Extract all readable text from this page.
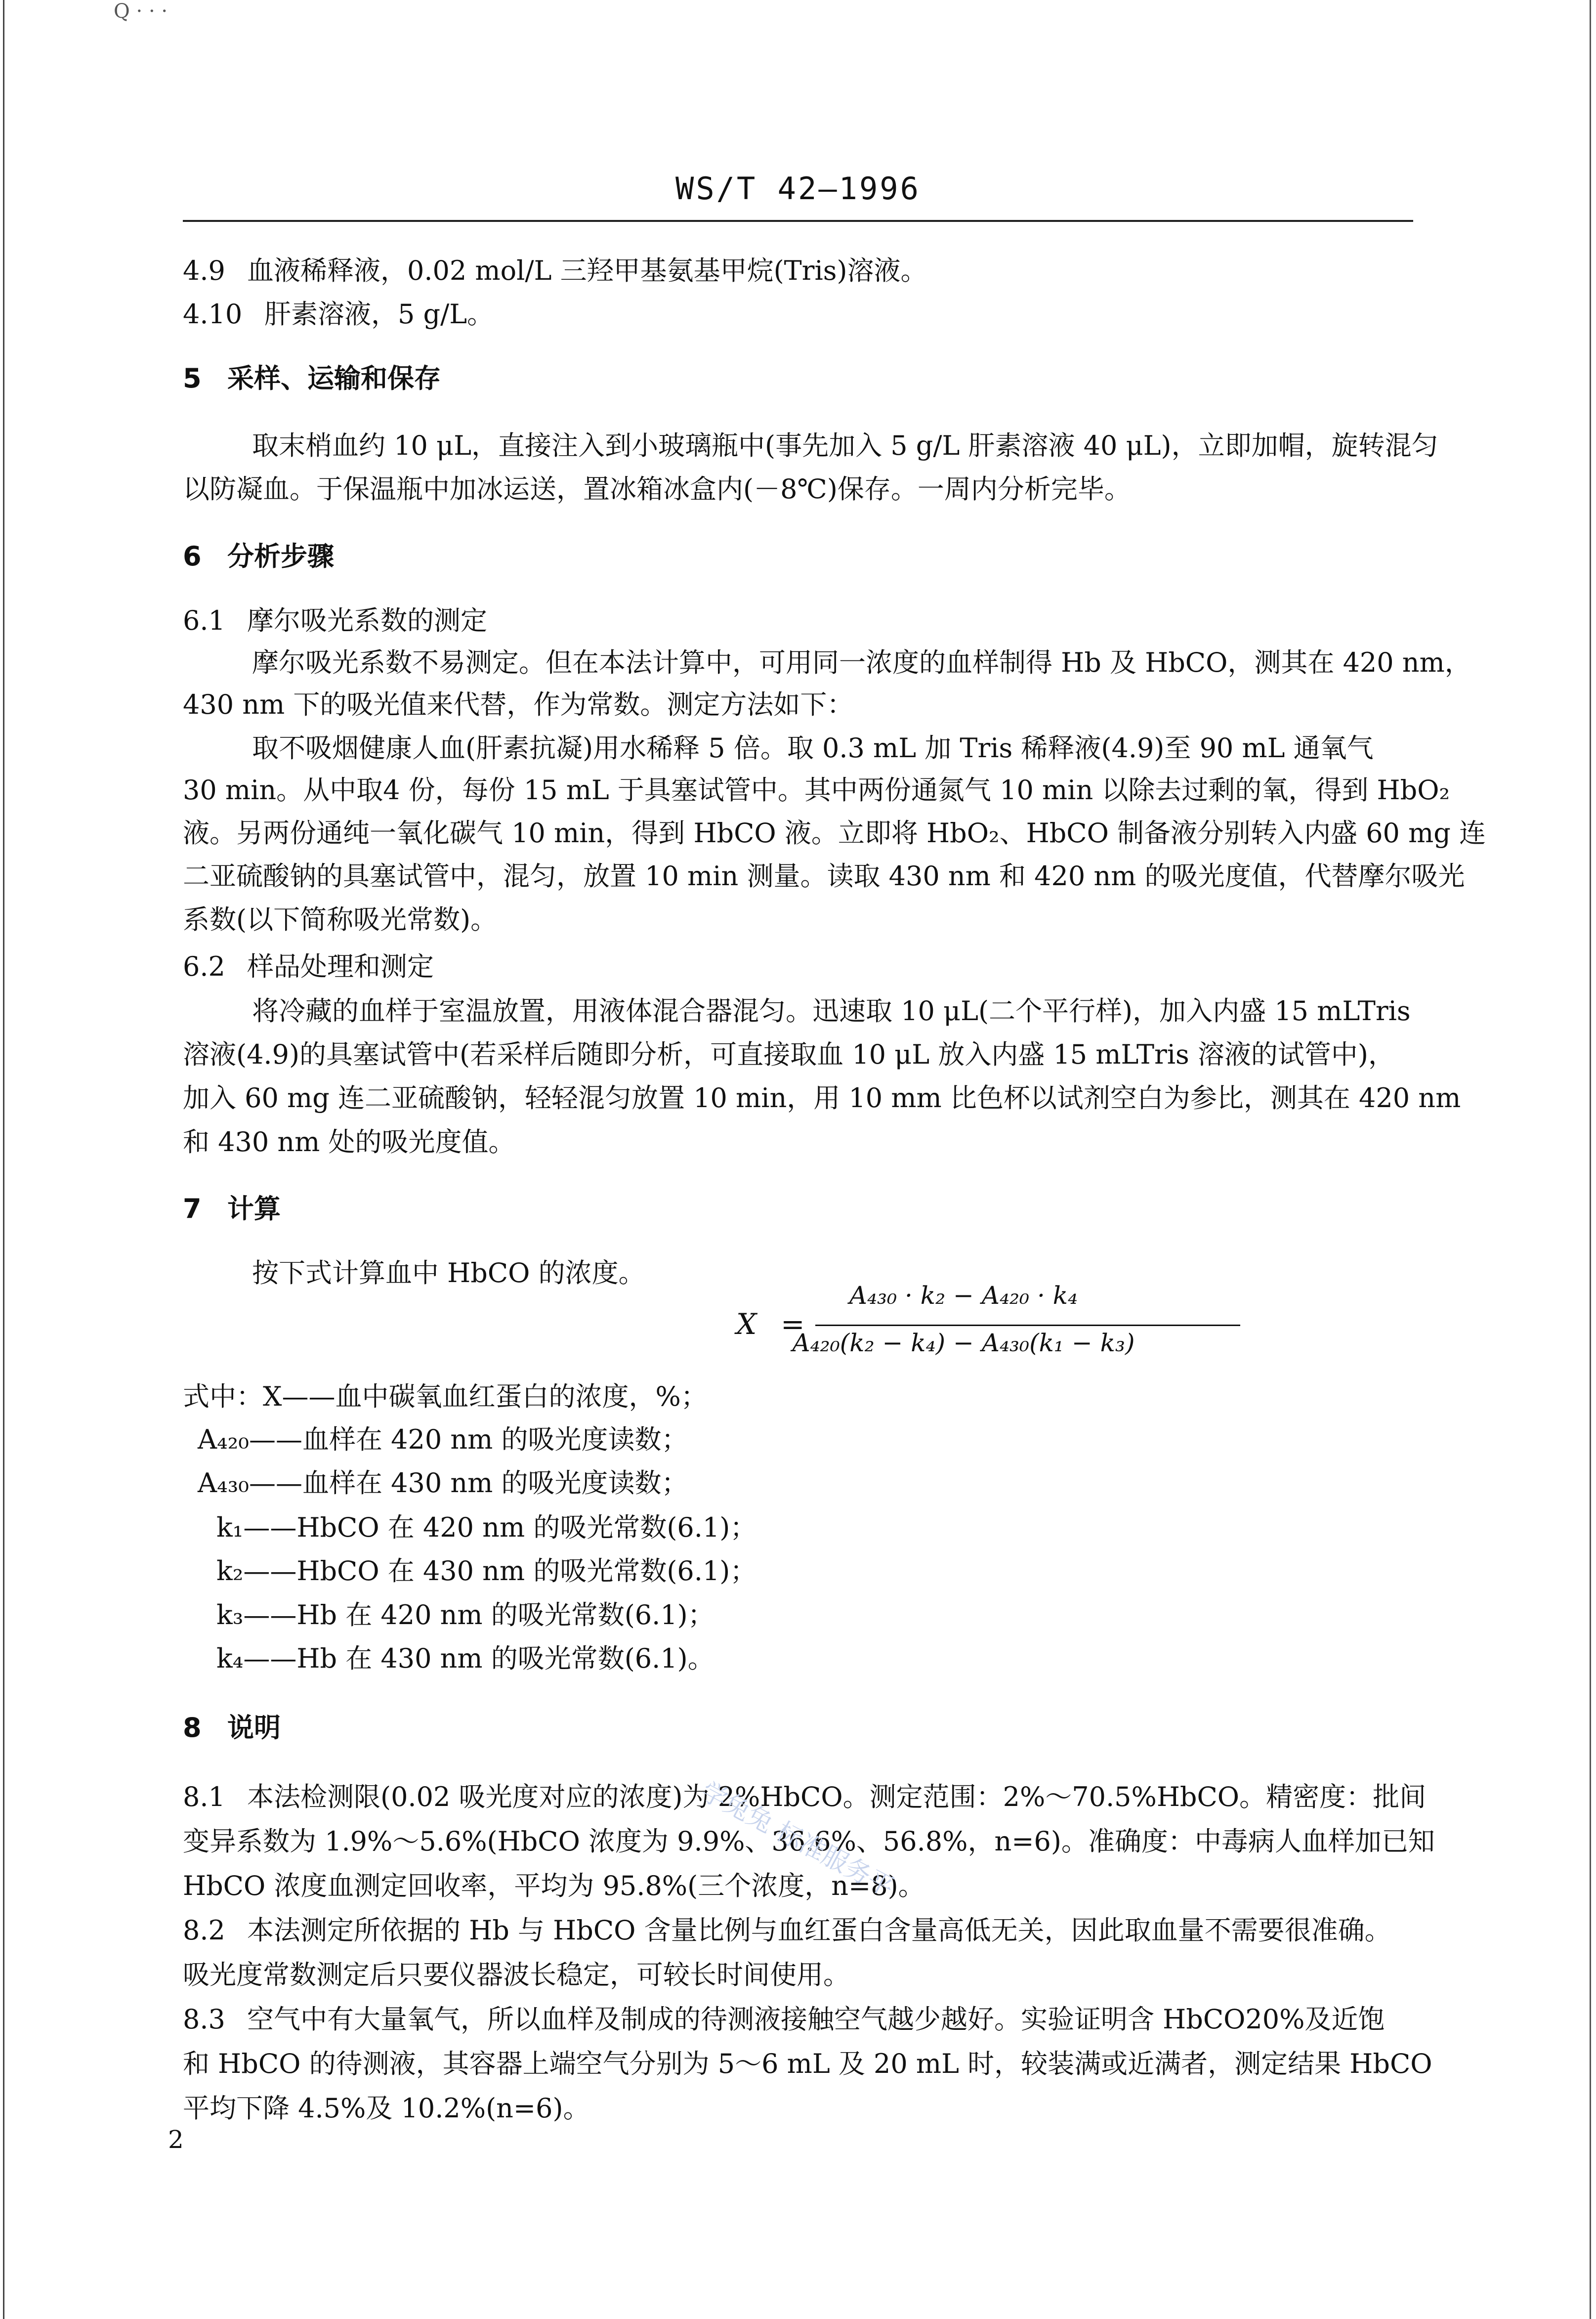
Q · · ·
WS/T 42—1996
4.9 血液稀释液，0.02 mol/L 三羟甲基氨基甲烷(Tris)溶液。
4.10 肝素溶液，5 g/L。
5 采样、运输和保存
取末梢血约 10 μL，直接注入到小玻璃瓶中(事先加入 5 g/L 肝素溶液 40 μL)，立即加帽，旋转混匀
以防凝血。于保温瓶中加冰运送，置冰箱冰盒内(－8℃)保存。一周内分析完毕。
6 分析步骤
6.1 摩尔吸光系数的测定
摩尔吸光系数不易测定。但在本法计算中，可用同一浓度的血样制得 Hb 及 HbCO，测其在 420 nm，
430 nm 下的吸光值来代替，作为常数。测定方法如下：
取不吸烟健康人血(肝素抗凝)用水稀释 5 倍。取 0.3 mL 加 Tris 稀释液(4.9)至 90 mL 通氧气
30 min。从中取4 份，每份 15 mL 于具塞试管中。其中两份通氮气 10 min 以除去过剩的氧，得到 HbO₂
液。另两份通纯一氧化碳气 10 min，得到 HbCO 液。立即将 HbO₂、HbCO 制备液分别转入内盛 60 mg 连
二亚硫酸钠的具塞试管中，混匀，放置 10 min 测量。读取 430 nm 和 420 nm 的吸光度值，代替摩尔吸光
系数(以下简称吸光常数)。
6.2 样品处理和测定
将冷藏的血样于室温放置，用液体混合器混匀。迅速取 10 μL(二个平行样)，加入内盛 15 mLTris
溶液(4.9)的具塞试管中(若采样后随即分析，可直接取血 10 μL 放入内盛 15 mLTris 溶液的试管中)，
加入 60 mg 连二亚硫酸钠，轻轻混匀放置 10 min，用 10 mm 比色杯以试剂空白为参比，测其在 420 nm
和 430 nm 处的吸光度值。
7 计算
按下式计算血中 HbCO 的浓度。
X =
A₄₃₀ · k₂ − A₄₂₀ · k₄
A₄₂₀(k₂ − k₄) − A₄₃₀(k₁ − k₃)
式中：X——血中碳氧血红蛋白的浓度，%；
A₄₂₀——血样在 420 nm 的吸光度读数；
A₄₃₀——血样在 430 nm 的吸光度读数；
k₁——HbCO 在 420 nm 的吸光常数(6.1)；
k₂——HbCO 在 430 nm 的吸光常数(6.1)；
k₃——Hb 在 420 nm 的吸光常数(6.1)；
k₄——Hb 在 430 nm 的吸光常数(6.1)。
8 说明
8.1 本法检测限(0.02 吸光度对应的浓度)为 2%HbCO。测定范围：2%～70.5%HbCO。精密度：批间
变异系数为 1.9%～5.6%(HbCO 浓度为 9.9%、36.6%、56.8%，n=6)。准确度：中毒病人血样加已知
HbCO 浓度血测定回收率，平均为 95.8%(三个浓度，n=8)。
8.2 本法测定所依据的 Hb 与 HbCO 含量比例与血红蛋白含量高低无关，因此取血量不需要很准确。
吸光度常数测定后只要仪器波长稳定，可较长时间使用。
8.3 空气中有大量氧气，所以血样及制成的待测液接触空气越少越好。实验证明含 HbCO20%及近饱
和 HbCO 的待测液，其容器上端空气分别为 5～6 mL 及 20 mL 时，较装满或近满者，测定结果 HbCO
平均下降 4.5%及 10.2%(n=6)。
学兔兔 标准服务平
2
